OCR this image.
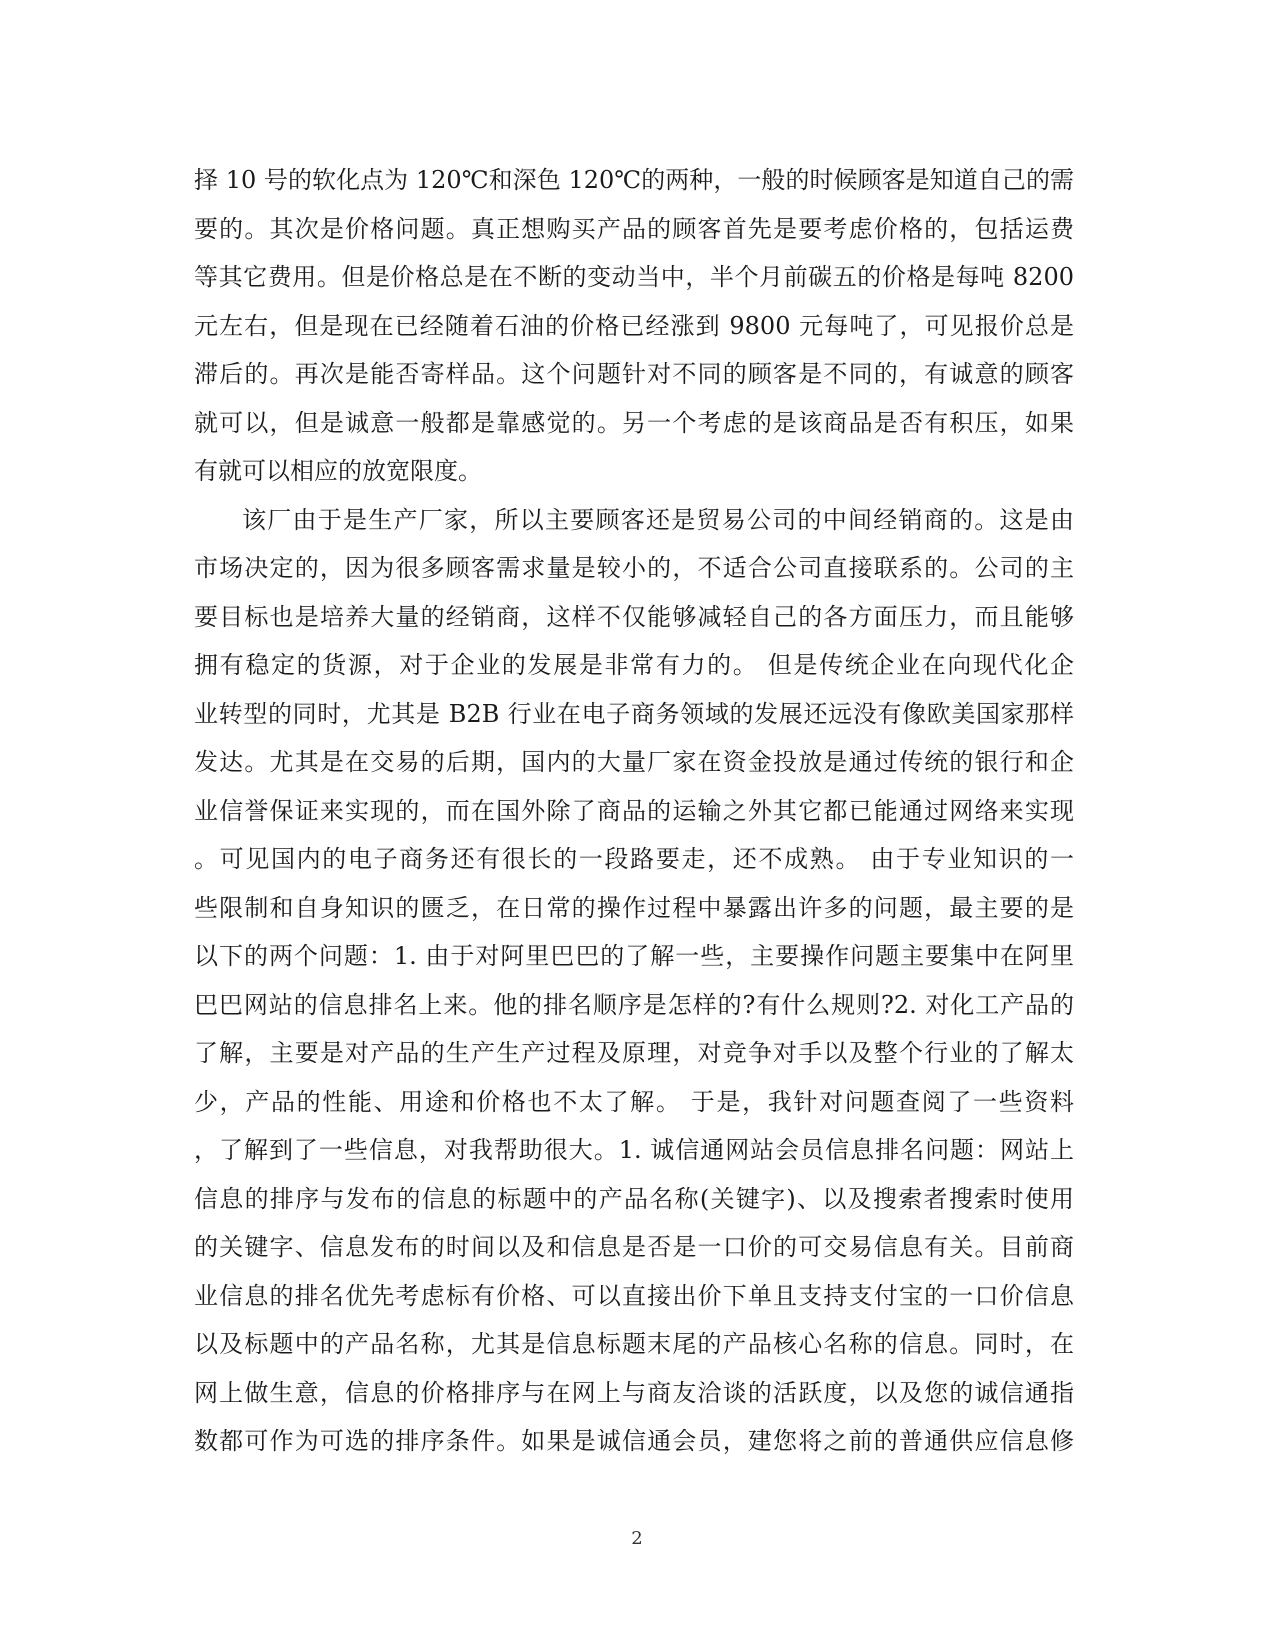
择 10 号的软化点为 120℃和深色 120℃的两种，一般的时候顾客是知道自己的需
要的。其次是价格问题。真正想购买产品的顾客首先是要考虑价格的，包括运费
等其它费用。但是价格总是在不断的变动当中，半个月前碳五的价格是每吨 8200
元左右，但是现在已经随着石油的价格已经涨到 9800 元每吨了，可见报价总是
滞后的。再次是能否寄样品。这个问题针对不同的顾客是不同的，有诚意的顾客
就可以，但是诚意一般都是靠感觉的。另一个考虑的是该商品是否有积压，如果
有就可以相应的放宽限度。
该厂由于是生产厂家，所以主要顾客还是贸易公司的中间经销商的。这是由
市场决定的，因为很多顾客需求量是较小的，不适合公司直接联系的。公司的主
要目标也是培养大量的经销商，这样不仅能够减轻自己的各方面压力，而且能够
拥有稳定的货源，对于企业的发展是非常有力的。 但是传统企业在向现代化企
业转型的同时，尤其是 B2B 行业在电子商务领域的发展还远没有像欧美国家那样
发达。尤其是在交易的后期，国内的大量厂家在资金投放是通过传统的银行和企
业信誉保证来实现的，而在国外除了商品的运输之外其它都已能通过网络来实现
。可见国内的电子商务还有很长的一段路要走，还不成熟。 由于专业知识的一
些限制和自身知识的匮乏，在日常的操作过程中暴露出许多的问题，最主要的是
以下的两个问题：1. 由于对阿里巴巴的了解一些，主要操作问题主要集中在阿里
巴巴网站的信息排名上来。他的排名顺序是怎样的?有什么规则?2. 对化工产品的
了解，主要是对产品的生产生产过程及原理，对竞争对手以及整个行业的了解太
少，产品的性能、用途和价格也不太了解。 于是，我针对问题查阅了一些资料
，了解到了一些信息，对我帮助很大。1. 诚信通网站会员信息排名问题：网站上
信息的排序与发布的信息的标题中的产品名称(关键字)、以及搜索者搜索时使用
的关键字、信息发布的时间以及和信息是否是一口价的可交易信息有关。目前商
业信息的排名优先考虑标有价格、可以直接出价下单且支持支付宝的一口价信息
以及标题中的产品名称，尤其是信息标题末尾的产品核心名称的信息。同时，在
网上做生意，信息的价格排序与在网上与商友洽谈的活跃度，以及您的诚信通指
数都可作为可选的排序条件。如果是诚信通会员，建您将之前的普通供应信息修
2
